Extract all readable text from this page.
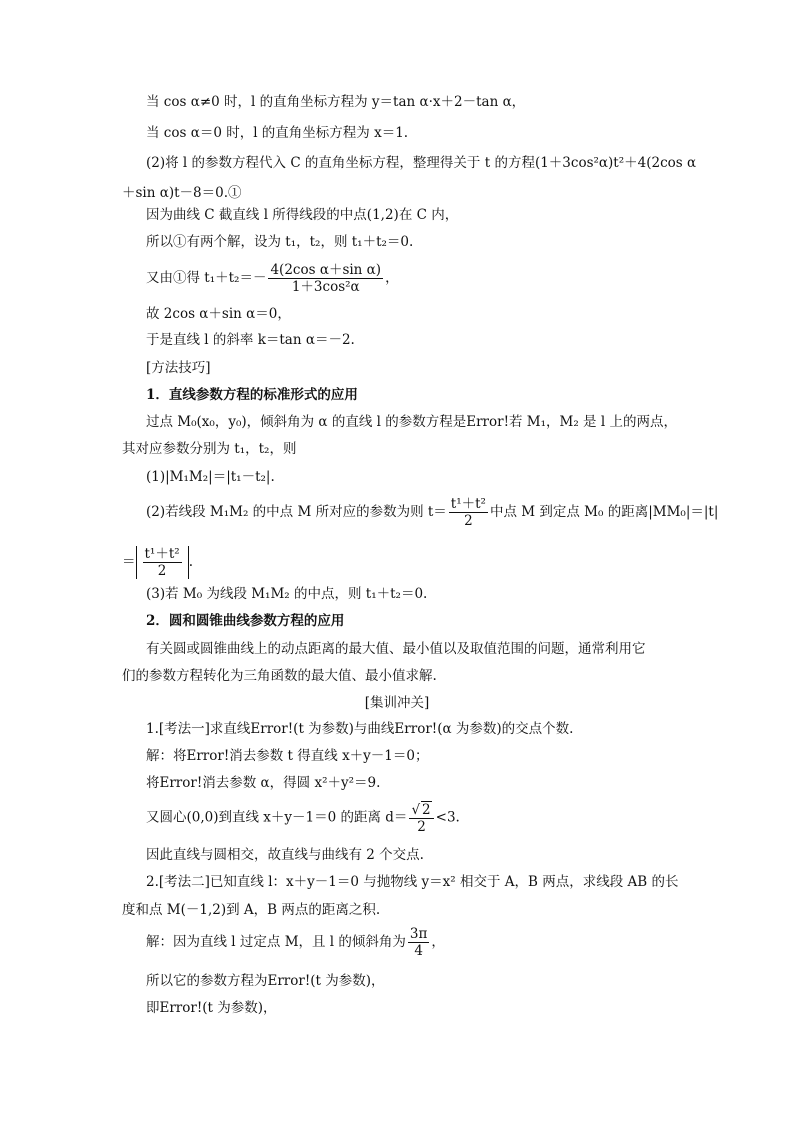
当 cos α≠0 时，l 的直角坐标方程为 y＝tan α·x＋2－tan α，
当 cos α＝0 时，l 的直角坐标方程为 x＝1.
(2)将 l 的参数方程代入 C 的直角坐标方程，整理得关于 t 的方程(1＋3cos²α)t²＋4(2cos α
＋sin α)t－8＝0.①
因为曲线 C 截直线 l 所得线段的中点(1,2)在 C 内，
所以①有两个解，设为 t₁，t₂，则 t₁＋t₂＝0.
又由①得 $t_1+t_2=- \frac{\text{4(2cos α＋sin α)}}{\text{1＋3cos²α}}$ ，
故 2cos α＋sin α＝0，
于是直线 l 的斜率 k＝tan α＝－2.
[方法技巧]
1．直线参数方程的标准形式的应用
过点 M₀(x₀，y₀)，倾斜角为 α 的直线 l 的参数方程是Error!若 M₁，M₂ 是 l 上的两点，
其对应参数分别为 t₁，t₂，则
(1)|M₁M₂|＝|t₁－t₂|.
(2)若线段 M₁M₂ 的中点 M 所对应的参数为则 $t= \frac{\text{t¹＋t²}}{2}$ 中点 M 到定点 M₀ 的距离|MM₀|＝|t|
＝ $\frac{\text{t¹＋t²}}{2}$ .
(3)若 M₀ 为线段 M₁M₂ 的中点，则 t₁＋t₂＝0.
2．圆和圆锥曲线参数方程的应用
有关圆或圆锥曲线上的动点距离的最大值、最小值以及取值范围的问题，通常利用它
们的参数方程转化为三角函数的最大值、最小值求解.
[集训冲关]
1.[考法一]求直线Error!(t 为参数)与曲线Error!(α 为参数)的交点个数.
解：将Error!消去参数 t 得直线 x＋y－1＝0；
将Error!消去参数 α，得圆 x²＋y²＝9.
又圆心(0,0)到直线 x＋y－1＝0 的距离 $d= \frac{√ 2}{2} <3$.
因此直线与圆相交，故直线与曲线有 2 个交点.
2.[考法二]已知直线 l：x＋y－1＝0 与抛物线 y＝x² 相交于 A，B 两点，求线段 AB 的长
度和点 M(－1,2)到 A，B 两点的距离之积.
解：因为直线 l 过定点 M，且 l 的倾斜角为 $\frac{3\pi}{4}$ ，
所以它的参数方程为Error!(t 为参数)，
即Error!(t 为参数)，
